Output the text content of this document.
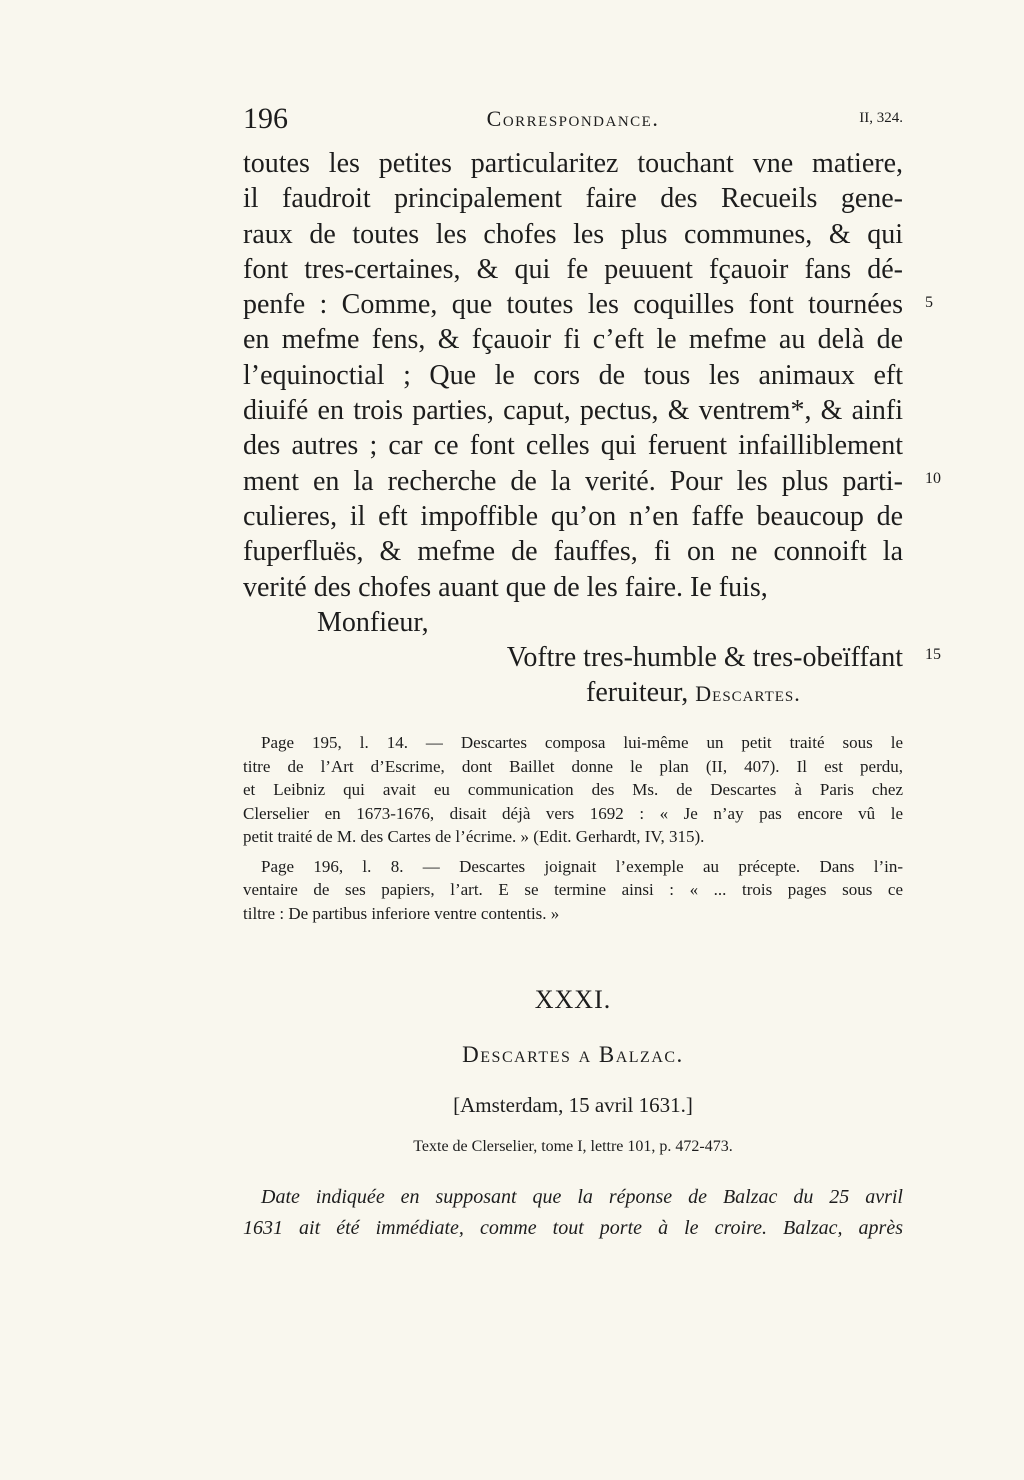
196	Correspondance.	II, 324.
toutes les petites particularitez touchant vne matiere,
il faudroit principalement faire des Recueils gene-
raux de toutes les chofes les plus communes, & qui
font tres-certaines, & qui fe peuuent fçauoir fans dé-
penfe : Comme, que toutes les coquilles font tournées
en mefme fens, & fçauoir fi c’eft le mefme au delà de
l’equinoctial ; Que le cors de tous les animaux eft
diuifé en trois parties, caput, pectus, & ventrem*, & ainfi
des autres ; car ce font celles qui feruent infailliblement
ment en la recherche de la verité. Pour les plus parti-
culieres, il eft impoffible qu’on n’en faffe beaucoup de
fuperfluës, & mefme de fauffes, fi on ne connoift la
verité des chofes auant que de les faire. Ie fuis,
Monfieur,
Voftre tres-humble & tres-obeïffant
feruiteur, Descartes.
5
10
15
Page 195, l. 14. — Descartes composa lui-même un petit traité sous le
titre de l’Art d’Escrime, dont Baillet donne le plan (II, 407). Il est perdu,
et Leibniz qui avait eu communication des Ms. de Descartes à Paris chez
Clerselier en 1673-1676, disait déjà vers 1692 : « Je n’ay pas encore vû le
petit traité de M. des Cartes de l’écrime. » (Edit. Gerhardt, IV, 315).
Page 196, l. 8. — Descartes joignait l’exemple au précepte. Dans l’in-
ventaire de ses papiers, l’art. E se termine ainsi : « ... trois pages sous ce
tiltre : De partibus inferiore ventre contentis. »
XXXI.
Descartes a Balzac.
[Amsterdam, 15 avril 1631.]
Texte de Clerselier, tome I, lettre 101, p. 472-473.
Date indiquée en supposant que la réponse de Balzac du 25 avril
1631 ait été immédiate, comme tout porte à le croire. Balzac, après
